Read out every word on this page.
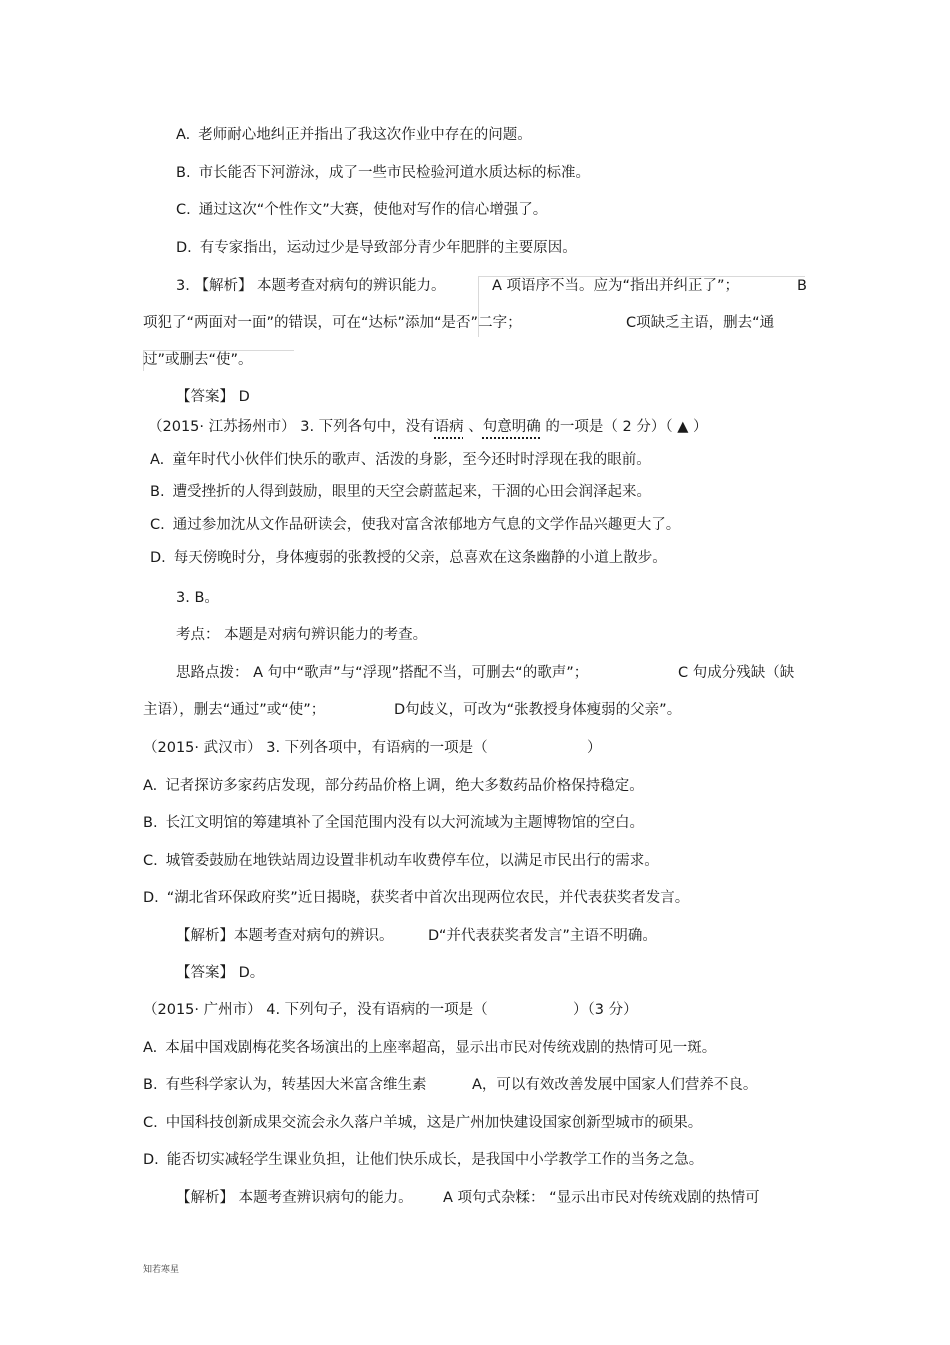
A. 老师耐心地纠正并指出了我这次作业中存在的问题。
B. 市长能否下河游泳，成了一些市民检验河道水质达标的标准。
C. 通过这次“个性作文”大赛，使他对写作的信心增强了。
D. 有专家指出，运动过少是导致部分青少年肥胖的主要原因。
3. 【解析】 本题考查对病句的辨识能力。	A 项语序不当。应为“指出并纠正了”；	B
项犯了“两面对一面”的错误，可在“达标”添加“是否”二字；	C项缺乏主语，删去“通
过”或删去“使”。
【答案】 D
（2015· 江苏扬州市） 3. 下列各句中，没有语病 、句意明确 的一项是（ 2 分）（ ▲ ）
A. 童年时代小伙伴们快乐的歌声、活泼的身影，至今还时时浮现在我的眼前。
B. 遭受挫折的人得到鼓励，眼里的天空会蔚蓝起来，干涸的心田会润泽起来。
C. 通过参加沈从文作品研读会，使我对富含浓郁地方气息的文学作品兴趣更大了。
D. 每天傍晚时分，身体瘦弱的张教授的父亲，总喜欢在这条幽静的小道上散步。
3. B。
考点： 本题是对病句辨识能力的考查。
思路点拨： A 句中“歌声”与“浮现”搭配不当，可删去“的歌声”；	C 句成分残缺（缺
主语），删去“通过”或“使”；	D句歧义，可改为“张教授身体瘦弱的父亲”。
（2015· 武汉市） 3. 下列各项中，有语病的一项是（	）
A. 记者探访多家药店发现，部分药品价格上调，绝大多数药品价格保持稳定。
B. 长江文明馆的筹建填补了全国范围内没有以大河流域为主题博物馆的空白。
C. 城管委鼓励在地铁站周边设置非机动车收费停车位，以满足市民出行的需求。
D. “湖北省环保政府奖”近日揭晓，获奖者中首次出现两位农民，并代表获奖者发言。
【解析】本题考查对病句的辨识。 D“并代表获奖者发言”主语不明确。
【答案】 D。
（2015· 广州市） 4. 下列句子，没有语病的一项是（	）（3 分）
A. 本届中国戏剧梅花奖各场演出的上座率超高，显示出市民对传统戏剧的热情可见一斑。
B. 有些科学家认为，转基因大米富含维生素	A，可以有效改善发展中国家人们营养不良。
C. 中国科技创新成果交流会永久落户羊城，这是广州加快建设国家创新型城市的硕果。
D. 能否切实减轻学生课业负担，让他们快乐成长，是我国中小学教学工作的当务之急。
【解析】 本题考查辨识病句的能力。 A 项句式杂糅： “显示出市民对传统戏剧的热情可
知若寒星
